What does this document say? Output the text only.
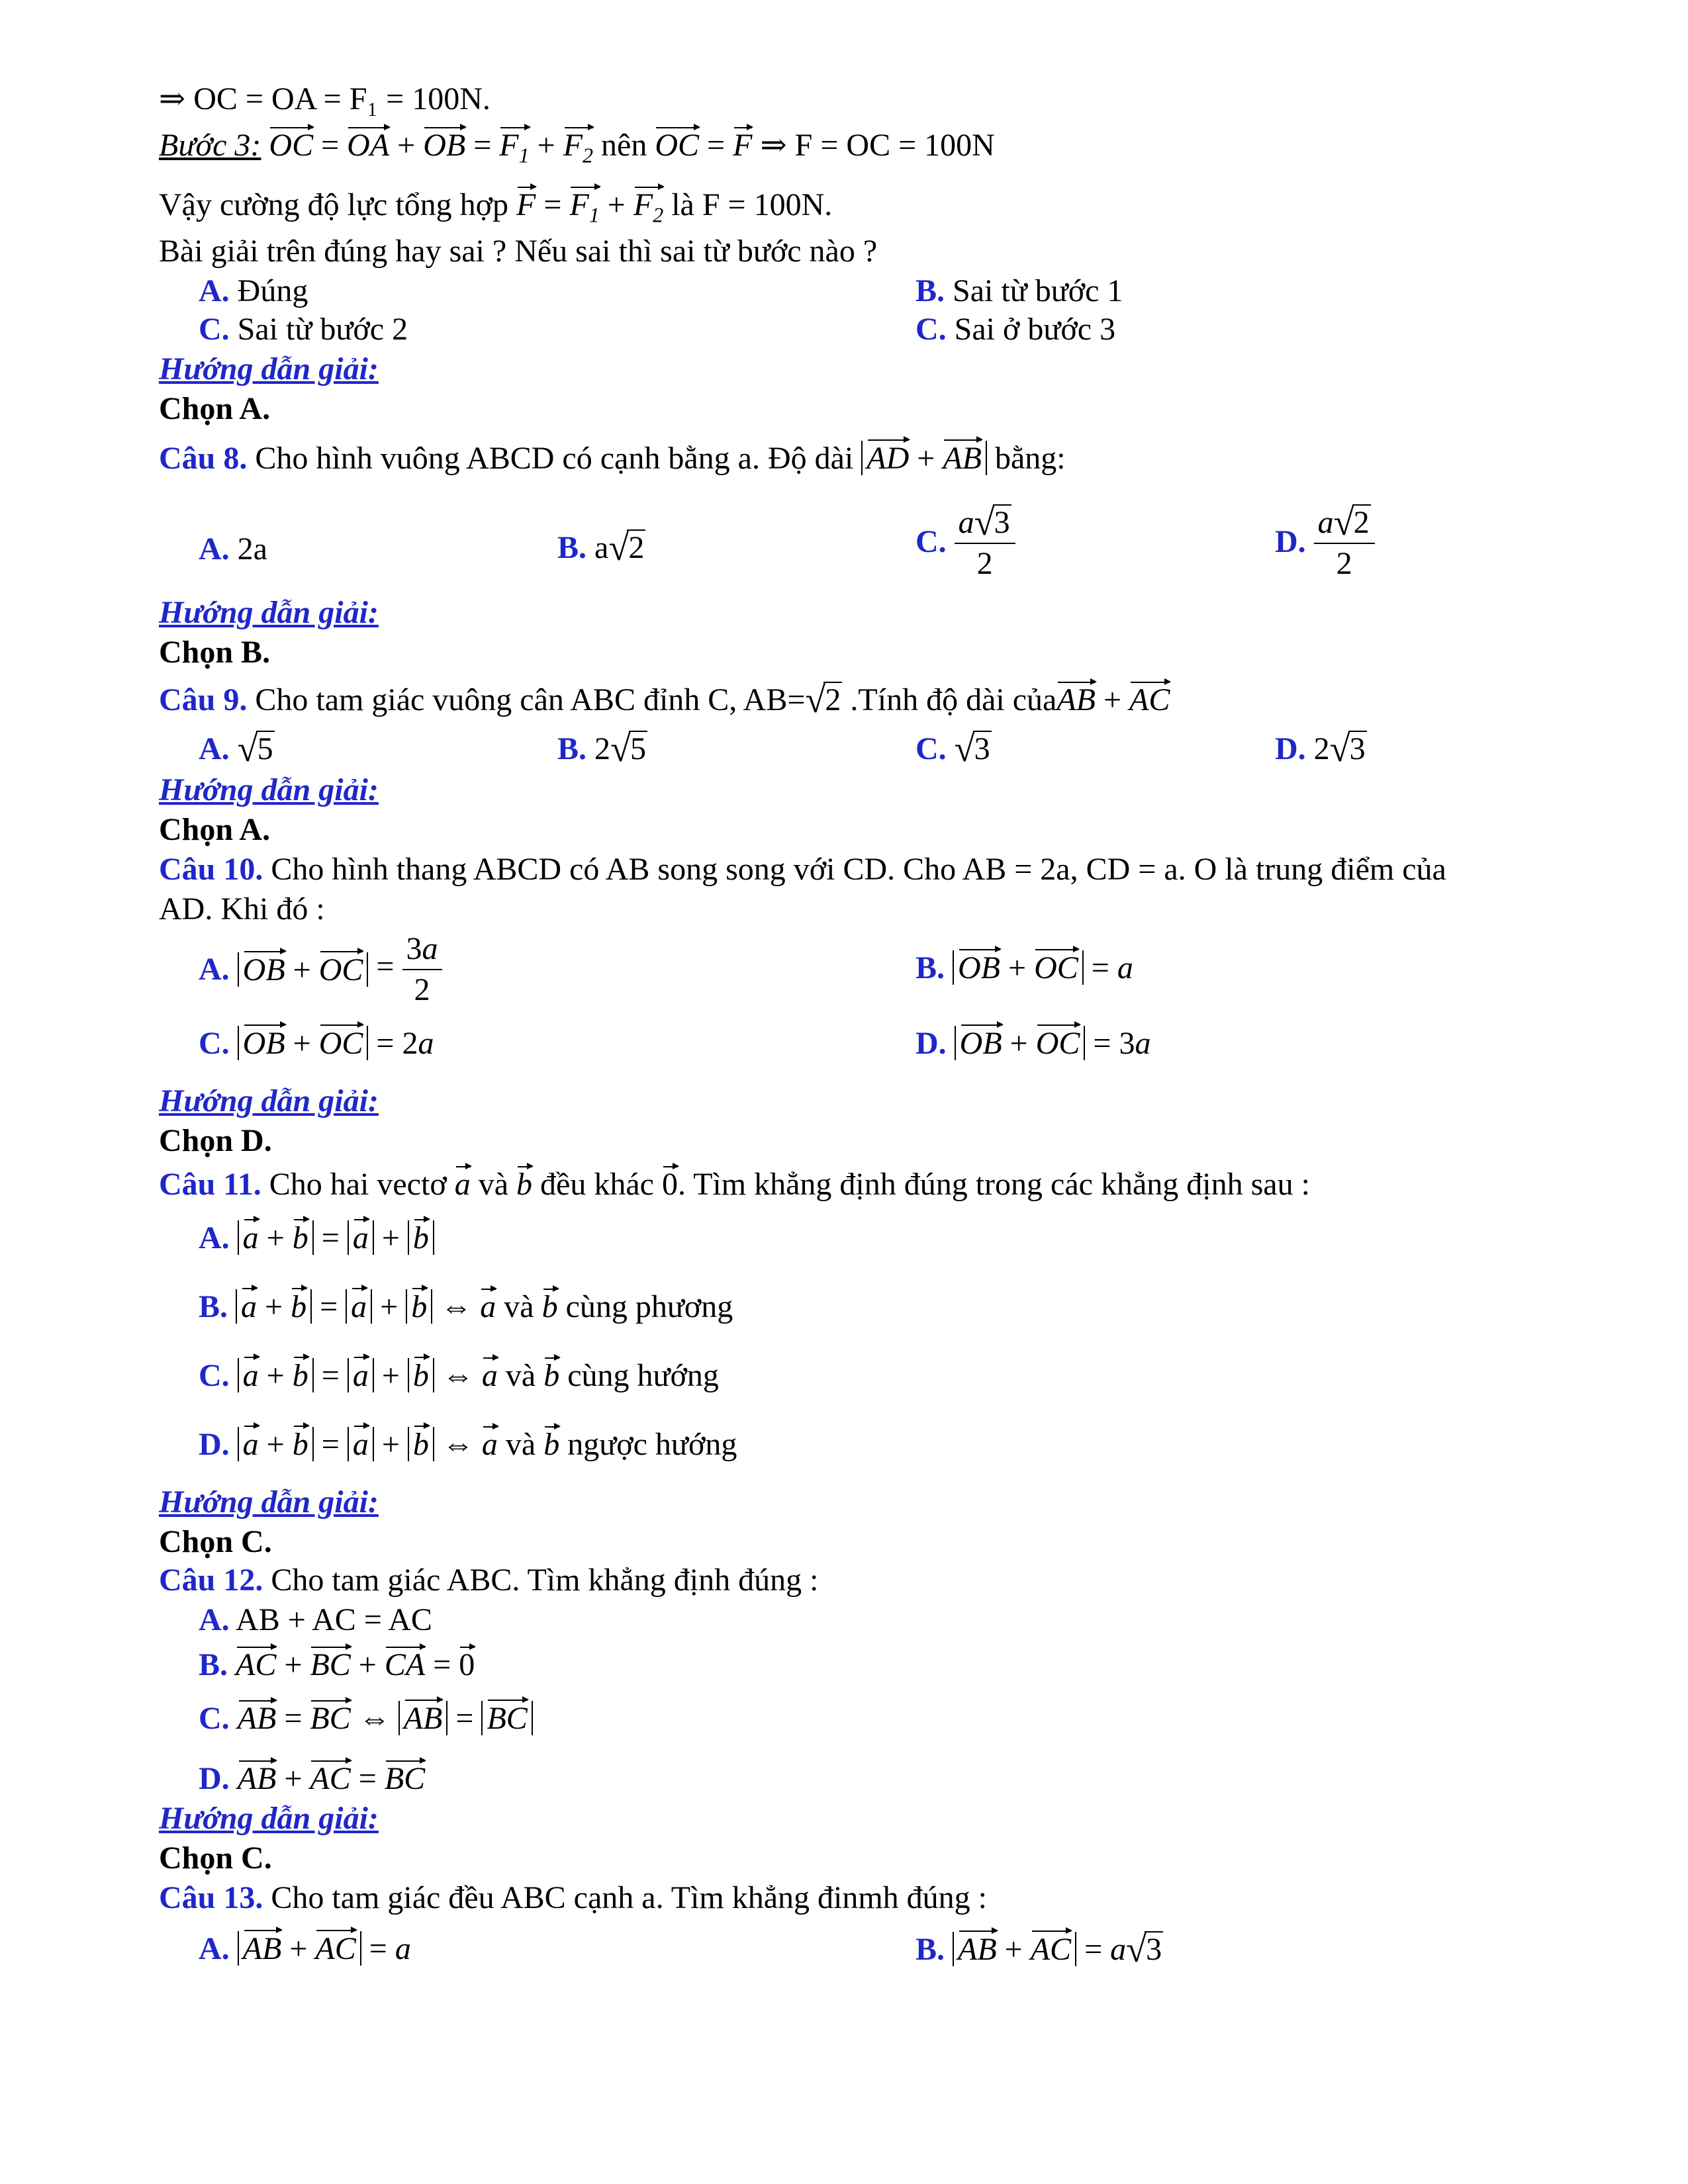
⇒ OC = OA = F₁ = 100N.
Bước 3: OC = OA + OB = $F_1 + F_2$ nên OC = F ⇒ F = OC = 100N
Vậy cường độ lực tổng hợp $F = F_1 + F_2$ là F = 100N.
Bài giải trên đúng hay sai ? Nếu sai thì sai từ bước nào ?
A. Đúng	B. Sai từ bước 1
C. Sai từ bước 2	C. Sai ở bước 3
Hướng dẫn giải:
Chọn A.
Câu 8. Cho hình vuông ABCD có cạnh bằng a. Độ dài AD + AB bằng:
A. 2a	B. a √ 2	C. $\frac{a √ 3}{2}$	D. $\frac{a √ 2}{2}$
Hướng dẫn giải:
Chọn B.
Câu 9. Cho tam giác vuông cân ABC đỉnh C, AB= √ 2 .Tính độ dài củaAB + AC
A. √ 5	B. 2 √ 5	C. √ 3	D. 2 √ 3
Hướng dẫn giải:
Chọn A.
Câu 10. Cho hình thang ABCD có AB song song với CD. Cho AB = 2a, CD = a. O là trung điểm của
AD. Khi đó :
A. OB + OC = $\frac{3a}{2}$	B. OB + OC = a
C. OB + OC = 2a	D. OB + OC = 3a
Hướng dẫn giải:
Chọn D.
Câu 11. Cho hai vectơ a và b đều khác 0. Tìm khẳng định đúng trong các khẳng định sau :
A. a + b = a + b
B. a + b = a + b ⇔ a và b cùng phương
C. a + b = a + b ⇔ a và b cùng hướng
D. a + b = a + b ⇔ a và b ngược hướng
Hướng dẫn giải:
Chọn C.
Câu 12. Cho tam giác ABC. Tìm khẳng định đúng :
A. AB + AC = AC
B. AC + BC + CA = 0
C. AB = BC ⇔ AB = BC
D. AB + AC = BC
Hướng dẫn giải:
Chọn C.
Câu 13. Cho tam giác đều ABC cạnh a. Tìm khẳng đinmh đúng :
A. AB + AC = a	B. AB + AC = a √ 3
